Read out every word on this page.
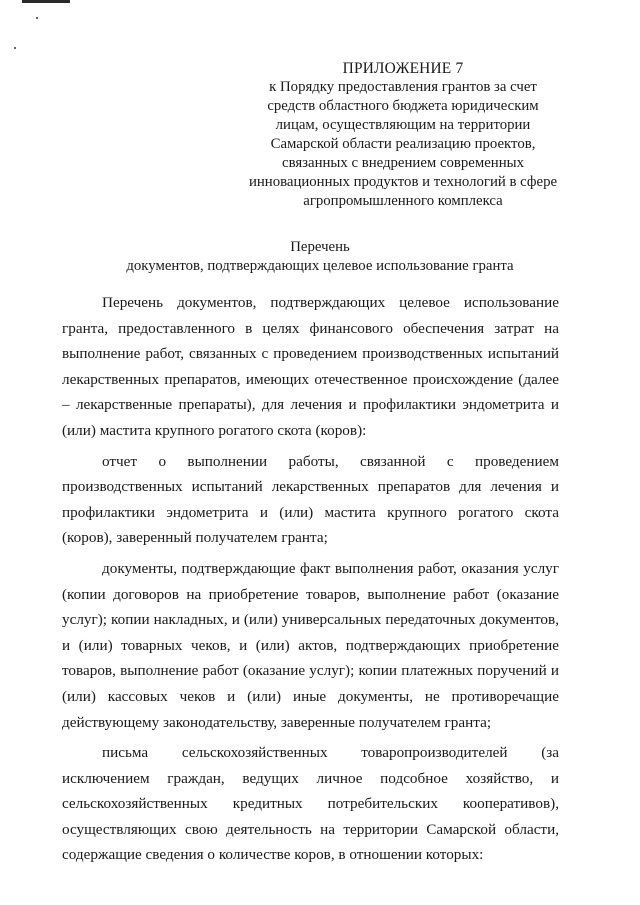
ПРИЛОЖЕНИЕ 7
к Порядку предоставления грантов за счет средств областного бюджета юридическим лицам, осуществляющим на территории Самарской области реализацию проектов, связанных с внедрением современных инновационных продуктов и технологий в сфере агропромышленного комплекса
Перечень
документов, подтверждающих целевое использование гранта

Перечень документов, подтверждающих целевое использование гранта, предоставленного в целях финансового обеспечения затрат на выполнение работ, связанных с проведением производственных испытаний лекарственных препаратов, имеющих отечественное происхождение (далее – лекарственные препараты), для лечения и профилактики эндометрита и (или) мастита крупного рогатого скота (коров):

отчет о выполнении работы, связанной с проведением производственных испытаний лекарственных препаратов для лечения и профилактики эндометрита и (или) мастита крупного рогатого скота (коров), заверенный получателем гранта;

документы, подтверждающие факт выполнения работ, оказания услуг (копии договоров на приобретение товаров, выполнение работ (оказание услуг); копии накладных, и (или) универсальных передаточных документов, и (или) товарных чеков, и (или) актов, подтверждающих приобретение товаров, выполнение работ (оказание услуг); копии платежных поручений и (или) кассовых чеков и (или) иные документы, не противоречащие действующему законодательству, заверенные получателем гранта;

письма сельскохозяйственных товаропроизводителей (за исключением граждан, ведущих личное подсобное хозяйство, и сельскохозяйственных кредитных потребительских кооперативов), осуществляющих свою деятельность на территории Самарской области, содержащие сведения о количестве коров, в отношении которых:
